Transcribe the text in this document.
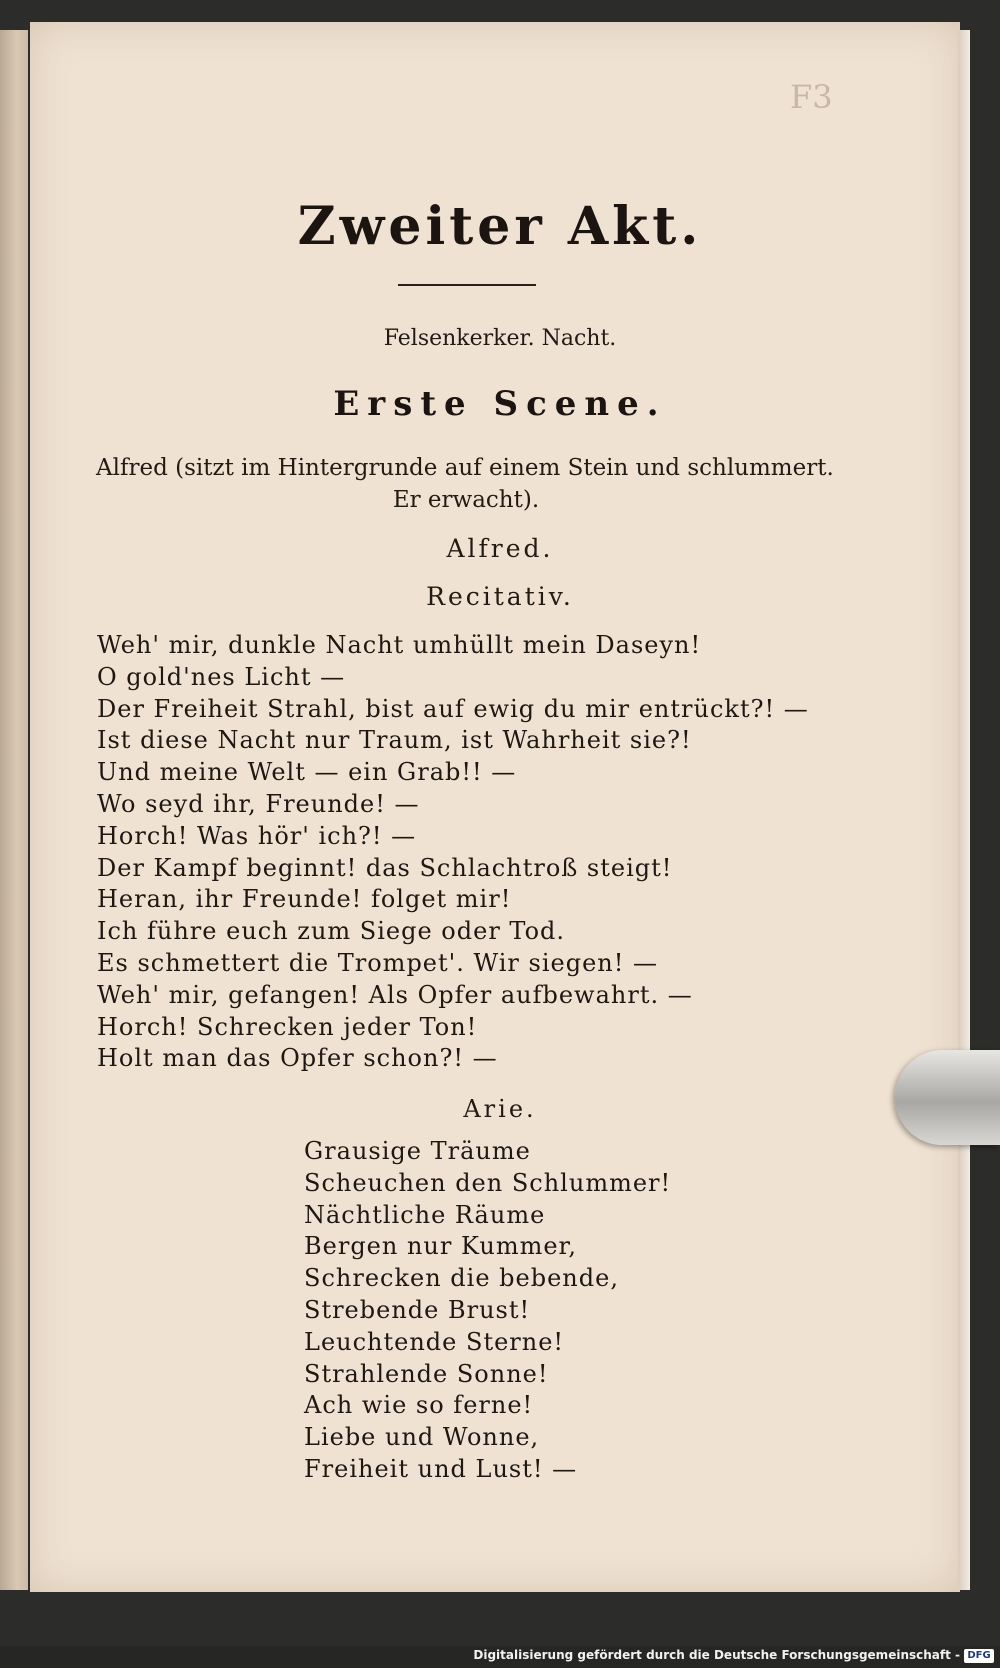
F3
Zweiter Akt.
Felsenkerker. Nacht.
Erste Scene.
Alfred (sitzt im Hintergrunde auf einem Stein und schlummert.
Er erwacht).
Alfred.
Recitativ.
Weh' mir, dunkle Nacht umhüllt mein Daseyn!
O gold'nes Licht —
Der Freiheit Strahl, bist auf ewig du mir entrückt?! —
Ist diese Nacht nur Traum, ist Wahrheit sie?!
Und meine Welt — ein Grab!! —
Wo seyd ihr, Freunde! —
Horch! Was hör' ich?! —
Der Kampf beginnt! das Schlachtroß steigt!
Heran, ihr Freunde! folget mir!
Ich führe euch zum Siege oder Tod.
Es schmettert die Trompet'. Wir siegen! —
Weh' mir, gefangen! Als Opfer aufbewahrt. —
Horch! Schrecken jeder Ton!
Holt man das Opfer schon?! —
Arie.
Grausige Träume
Scheuchen den Schlummer!
Nächtliche Räume
Bergen nur Kummer,
Schrecken die bebende,
Strebende Brust!
Leuchtende Sterne!
Strahlende Sonne!
Ach wie so ferne!
Liebe und Wonne,
Freiheit und Lust! —
Digitalisierung gefördert durch die Deutsche Forschungsgemeinschaft - DFG
